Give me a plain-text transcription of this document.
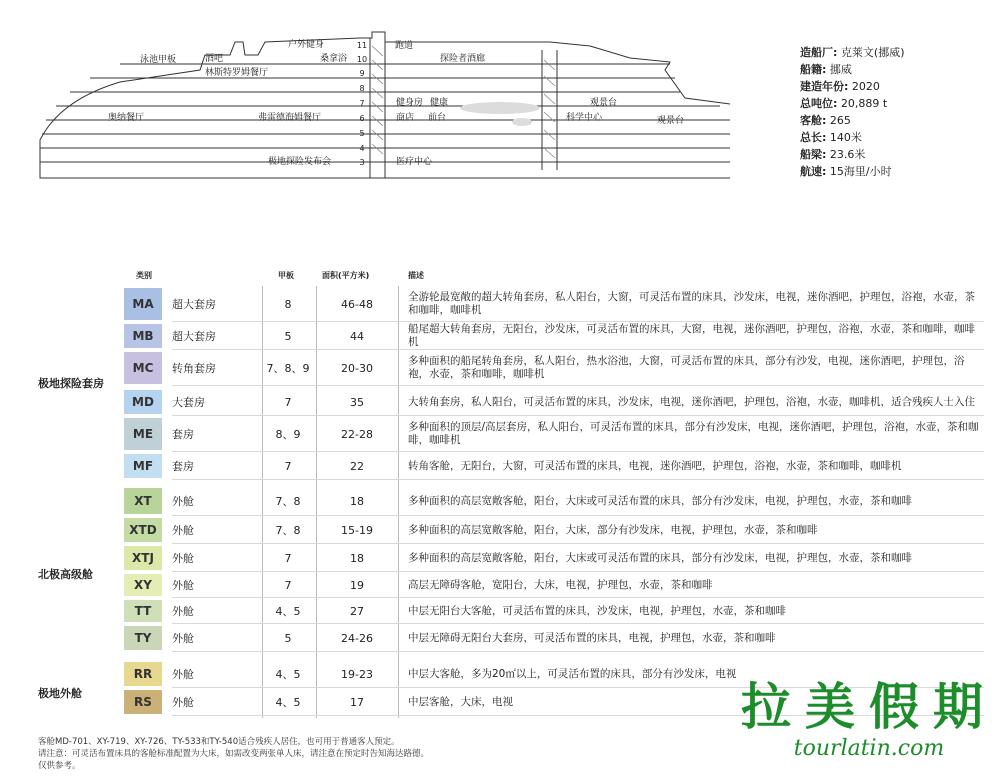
户外健身
泳池甲板	酒吧	桑拿浴
林斯特罗姆餐厅
奥纳餐厅	弗雷德海姆餐厅
极地探险发布会
跑道
探险者酒廊
健身房 健康	观景台
商店 前台	科学中心	观景台
医疗中心
11
10
9
8
7
6
5
4
3
造船厂: 克莱文(挪威)
船籍: 挪威
建造年份: 2020
总吨位: 20,889 t
客舱: 265
总长: 140米
船梁: 23.6米
航速: 15海里/小时
类别	甲板	面积(平方米)	描述
极地探险套房
北极高级舱
极地外舱
MA	超大套房	8	46-48
全游轮最宽敞的超大转角套房，私人阳台，大窗，可灵活布置的床具，沙发床，电视，迷你酒吧，护理包，浴袍，水壶，茶和咖啡，咖啡机
MB	超大套房	5	44
船尾超大转角套房，无阳台，沙发床，可灵活布置的床具，大窗，电视，迷你酒吧，护理包，浴袍，水壶，茶和咖啡，咖啡机
MC	转角套房	7、8、9	20-30
多种面积的船尾转角套房，私人阳台，热水浴池，大窗，可灵活布置的床具，部分有沙发，电视，迷你酒吧，护理包，浴袍，水壶，茶和咖啡，咖啡机
MD	大套房	7	35	大转角套房，私人阳台，可灵活布置的床具，沙发床，电视，迷你酒吧，护理包，浴袍，水壶，咖啡机，适合残疾人士入住
ME	套房	8、9	22-28
多种面积的顶层/高层套房，私人阳台，可灵活布置的床具，部分有沙发床，电视，迷你酒吧，护理包，浴袍，水壶，茶和咖啡，咖啡机
MF	套房	7	22	转角客舱，无阳台，大窗，可灵活布置的床具，电视，迷你酒吧，护理包，浴袍，水壶，茶和咖啡，咖啡机
XT	外舱	7、8	18	多种面积的高层宽敞客舱，阳台，大床或可灵活布置的床具，部分有沙发床，电视，护理包，水壶，茶和咖啡
XTD	外舱	7、8	15-19	多种面积的高层宽敞客舱，阳台，大床，部分有沙发床，电视，护理包，水壶，茶和咖啡
XTJ	外舱	7	18	多种面积的高层宽敞客舱，阳台，大床或可灵活布置的床具，部分有沙发床，电视，护理包，水壶，茶和咖啡
XY	外舱	7	19	高层无障碍客舱，宽阳台，大床，电视，护理包，水壶，茶和咖啡
TT	外舱	4、5	27	中层无阳台大客舱，可灵活布置的床具，沙发床，电视，护理包，水壶，茶和咖啡
TY	外舱	5	24-26	中层无障碍无阳台大套房，可灵活布置的床具，电视，护理包，水壶，茶和咖啡
RR	外舱	4、5	19-23	中层大客舱，多为20㎡以上，可灵活布置的床具，部分有沙发床，电视
RS	外舱	4、5	17	中层客舱，大床，电视
客舱MD-701、XY-719、XY-726、TY-533和TY-540适合残疾人居住，也可用于普通客人预定。
请注意：可灵活布置床具的客舱标准配置为大床，如需改变两张单人床，请注意在预定时告知海达路德。
仅供参考。
拉美假期
tourlatin.com
